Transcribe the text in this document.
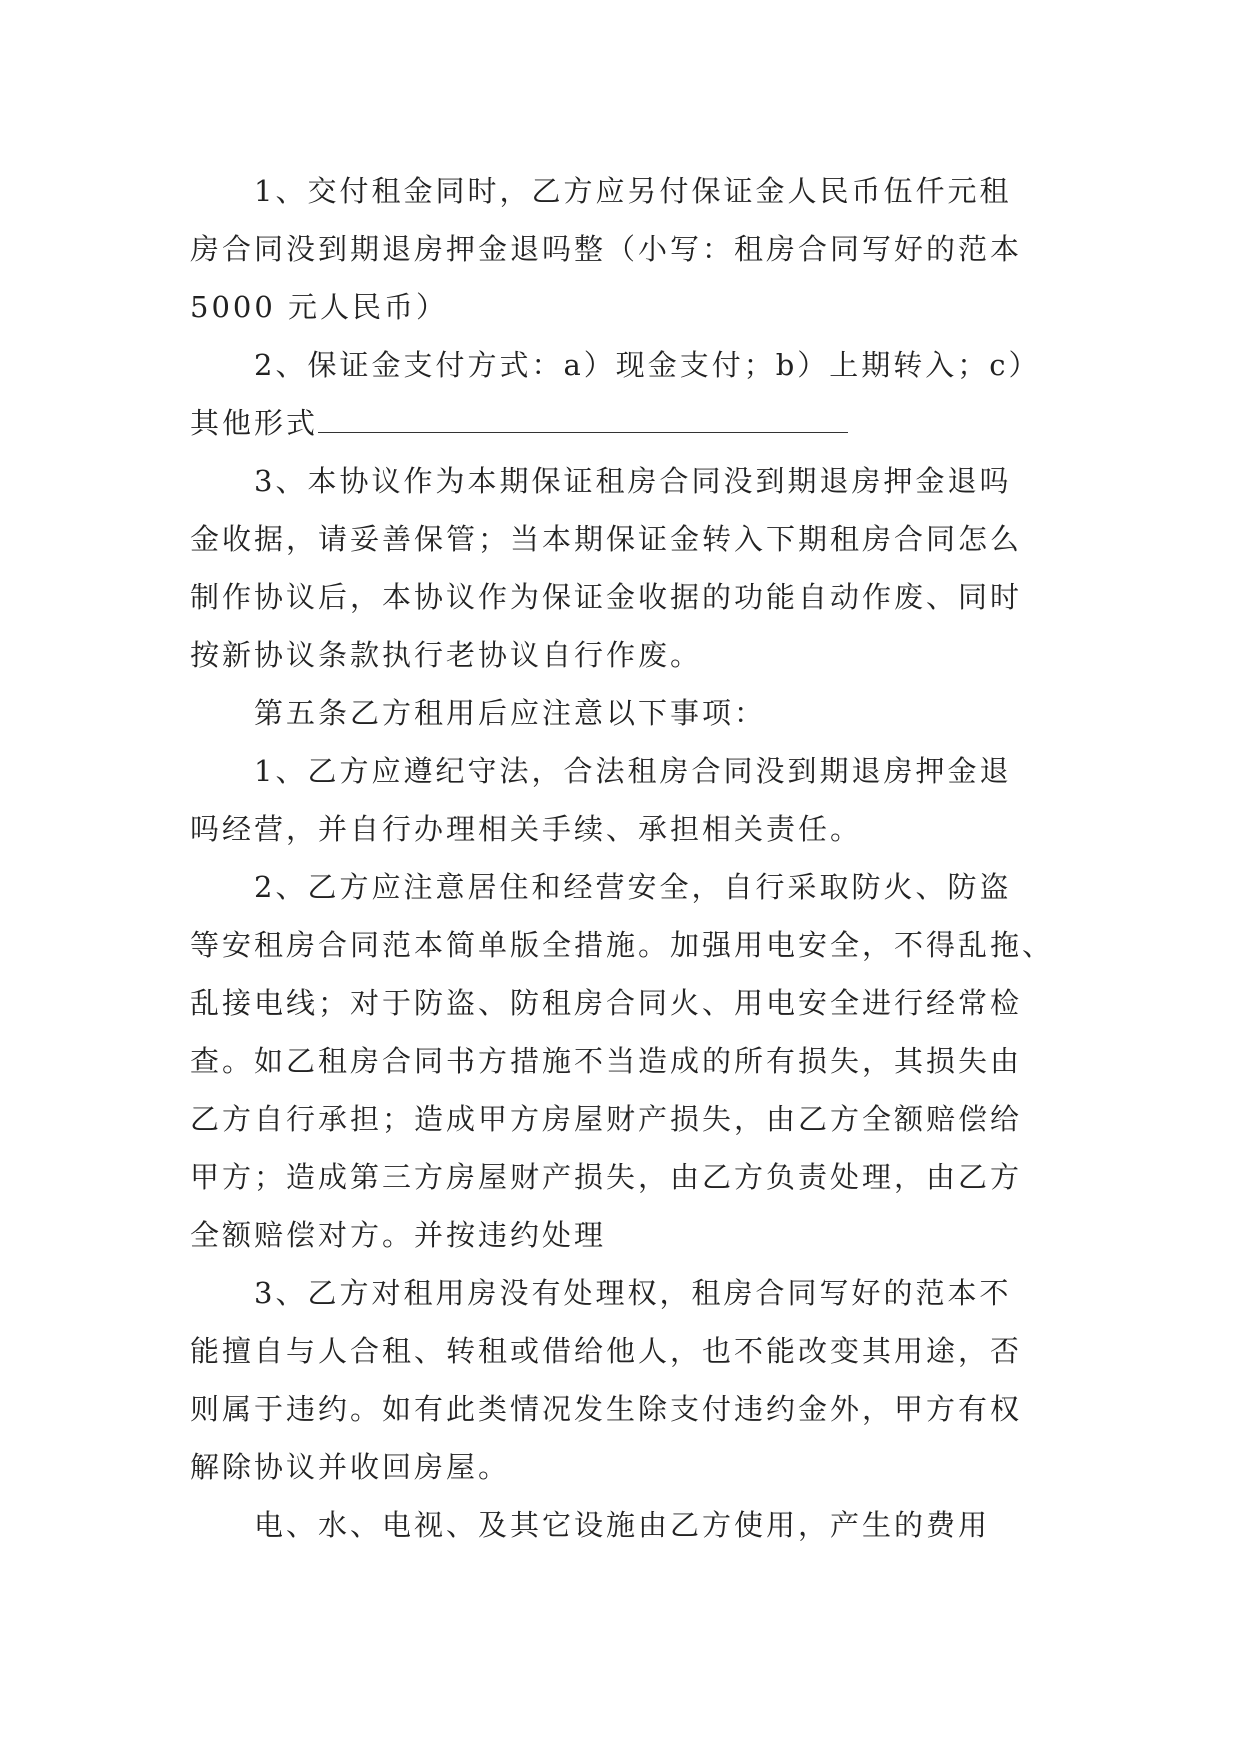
1、交付租金同时，乙方应另付保证金人民币伍仟元租
房合同没到期退房押金退吗整（小写：租房合同写好的范本
5000 元人民币）
2、保证金支付方式：a）现金支付；b）上期转入；c）
其他形式
3、本协议作为本期保证租房合同没到期退房押金退吗
金收据，请妥善保管；当本期保证金转入下期租房合同怎么
制作协议后，本协议作为保证金收据的功能自动作废、同时
按新协议条款执行老协议自行作废。
第五条乙方租用后应注意以下事项：
1、乙方应遵纪守法，合法租房合同没到期退房押金退
吗经营，并自行办理相关手续、承担相关责任。
2、乙方应注意居住和经营安全，自行采取防火、防盗
等安租房合同范本简单版全措施。加强用电安全，不得乱拖、
乱接电线；对于防盗、防租房合同火、用电安全进行经常检
查。如乙租房合同书方措施不当造成的所有损失，其损失由
乙方自行承担；造成甲方房屋财产损失，由乙方全额赔偿给
甲方；造成第三方房屋财产损失，由乙方负责处理，由乙方
全额赔偿对方。并按违约处理
3、乙方对租用房没有处理权，租房合同写好的范本不
能擅自与人合租、转租或借给他人，也不能改变其用途，否
则属于违约。如有此类情况发生除支付违约金外，甲方有权
解除协议并收回房屋。
电、水、电视、及其它设施由乙方使用，产生的费用
